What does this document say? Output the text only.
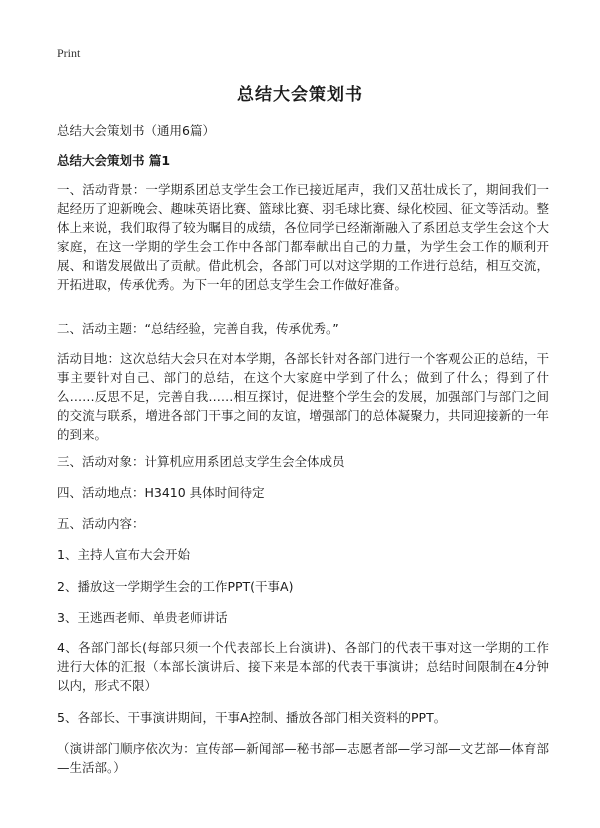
Print
总结大会策划书
总结大会策划书（通用6篇）
总结大会策划书 篇1

一、活动背景：一学期系团总支学生会工作已接近尾声，我们又茁壮成长了，期间我们一起经历了迎新晚会、趣味英语比赛、篮球比赛、羽毛球比赛、绿化校园、征文等活动。整体上来说，我们取得了较为瞩目的成绩，各位同学已经渐渐融入了系团总支学生会这个大家庭，在这一学期的学生会工作中各部门都奉献出自己的力量，为学生会工作的顺利开展、和谐发展做出了贡献。借此机会，各部门可以对这学期的工作进行总结，相互交流，开拓进取，传承优秀。为下一年的团总支学生会工作做好准备。

二、活动主题：“总结经验，完善自我，传承优秀。”

活动目地：这次总结大会只在对本学期，各部长针对各部门进行一个客观公正的总结，干事主要针对自己、部门的总结，在这个大家庭中学到了什么；做到了什么；得到了什么……反思不足，完善自我……相互探讨，促进整个学生会的发展，加强部门与部门之间的交流与联系，增进各部门干事之间的友谊，增强部门的总体凝聚力，共同迎接新的一年的到来。

三、活动对象：计算机应用系团总支学生会全体成员

四、活动地点：H3410 具体时间待定

五、活动内容：

1、主持人宣布大会开始

2、播放这一学期学生会的工作PPT(干事A)

3、王逃西老师、单贵老师讲话

4、各部门部长(每部只须一个代表部长上台演讲)、各部门的代表干事对这一学期的工作进行大体的汇报（本部长演讲后、接下来是本部的代表干事演讲；总结时间限制在4分钟以内，形式不限）

5、各部长、干事演讲期间，干事A控制、播放各部门相关资料的PPT。

（演讲部门顺序依次为：宣传部—新闻部—秘书部—志愿者部—学习部—文艺部—体育部—生活部。）
